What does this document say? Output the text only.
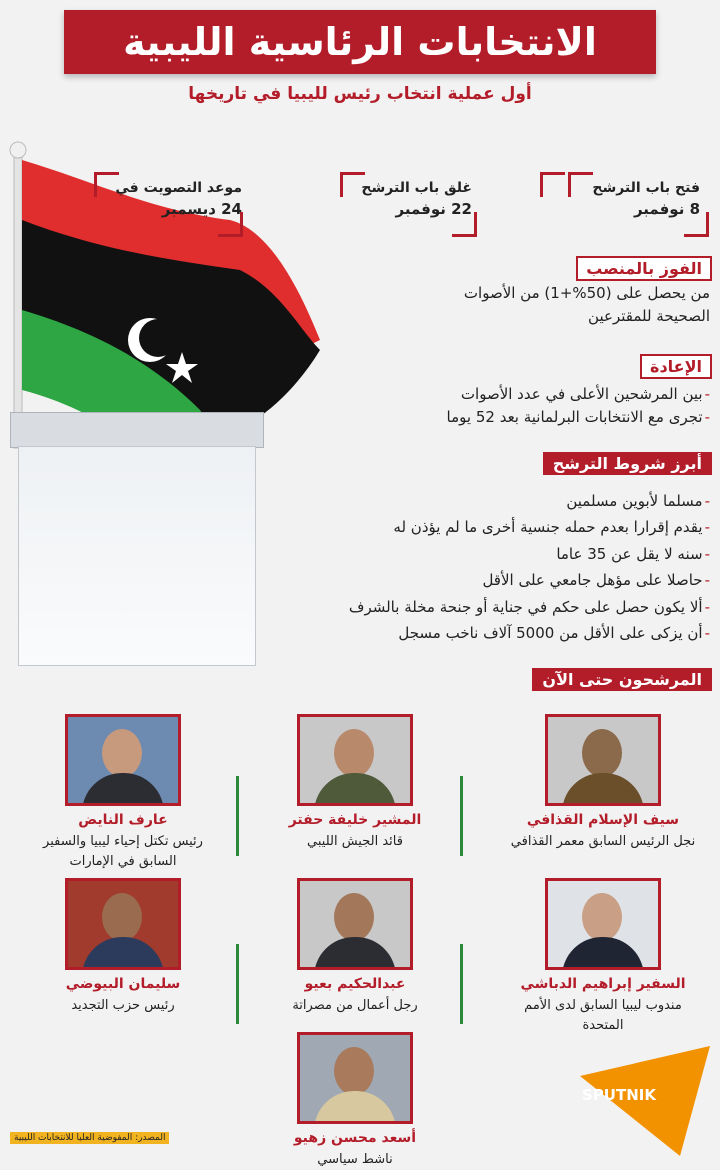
الانتخابات الرئاسية الليبية
أول عملية انتخاب رئيس لليبيا في تاريخها
فتح باب الترشح
8 نوفمبر
غلق باب الترشح
22 نوفمبر
موعد التصويت في
24 ديسمبر
الفوز بالمنصب
من يحصل على (50%+1) من الأصوات
الصحيحة للمقترعين
الإعادة
- بين المرشحين الأعلى في عدد الأصوات
- تجرى مع الانتخابات البرلمانية بعد 52 يوما
أبرز شروط الترشح
- مسلما لأبوين مسلمين
- يقدم إقرارا بعدم حمله جنسية أخرى ما لم يؤذن له
- سنه لا يقل عن 35 عاما
- حاصلا على مؤهل جامعي على الأقل
- ألا يكون حصل على حكم في جناية أو جنحة مخلة بالشرف
- أن يزكى على الأقل من 5000 آلاف ناخب مسجل
المرشحون حتى الآن
سيف الإسلام القذافي
نجل الرئيس السابق معمر القذافي
المشير خليفة حفتر
قائد الجيش الليبي
عارف النايض
رئيس تكتل إحياء ليبيا والسفير السابق في الإمارات
السفير إبراهيم الدباشي
مندوب ليبيا السابق لدى الأمم المتحدة
عبدالحكيم بعيو
رجل أعمال من مصراتة
سليمان البيوضي
رئيس حزب التجديد
أسعد محسن زهيو
ناشط سياسي
المصدر: المفوضية العليا للانتخابات الليبية
SPUTNIK
